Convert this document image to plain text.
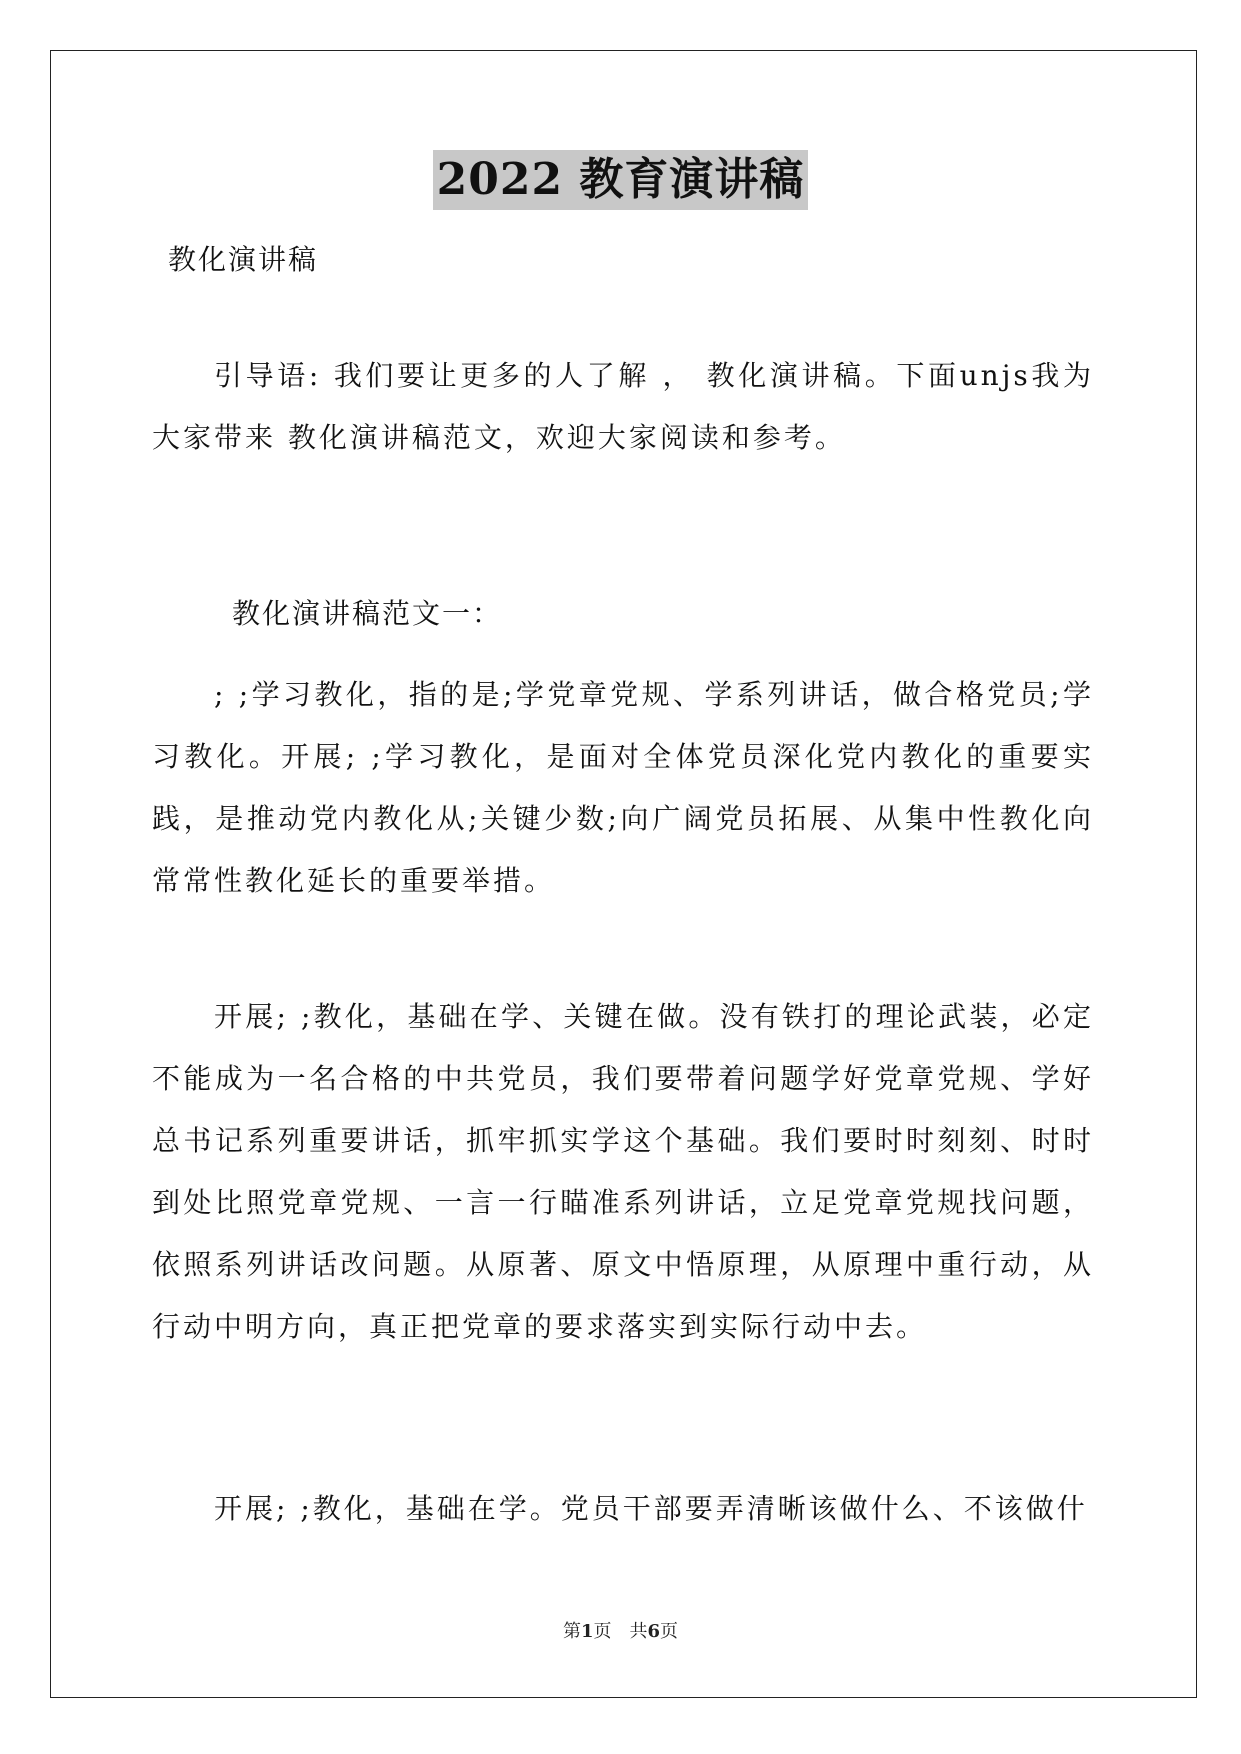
2022 教育演讲稿
教化演讲稿

引导语: 我们要让更多的人了解 ， 教化演讲稿。下面unjs我为大家带来 教化演讲稿范文，欢迎大家阅读和参考。

教化演讲稿范文一：

; ;学习教化，指的是;学党章党规、学系列讲话，做合格党员;学习教化。开展; ;学习教化，是面对全体党员深化党内教化的重要实践，是推动党内教化从;关键少数;向广阔党员拓展、从集中性教化向常常性教化延长的重要举措。

开展; ;教化，基础在学、关键在做。没有铁打的理论武装，必定不能成为一名合格的中共党员，我们要带着问题学好党章党规、学好总书记系列重要讲话，抓牢抓实学这个基础。我们要时时刻刻、时时到处比照党章党规、一言一行瞄准系列讲话，立足党章党规找问题，依照系列讲话改问题。从原著、原文中悟原理，从原理中重行动，从行动中明方向，真正把党章的要求落实到实际行动中去。

开展; ;教化，基础在学。党员干部要弄清晰该做什么、不该做什

第1页　共6页
